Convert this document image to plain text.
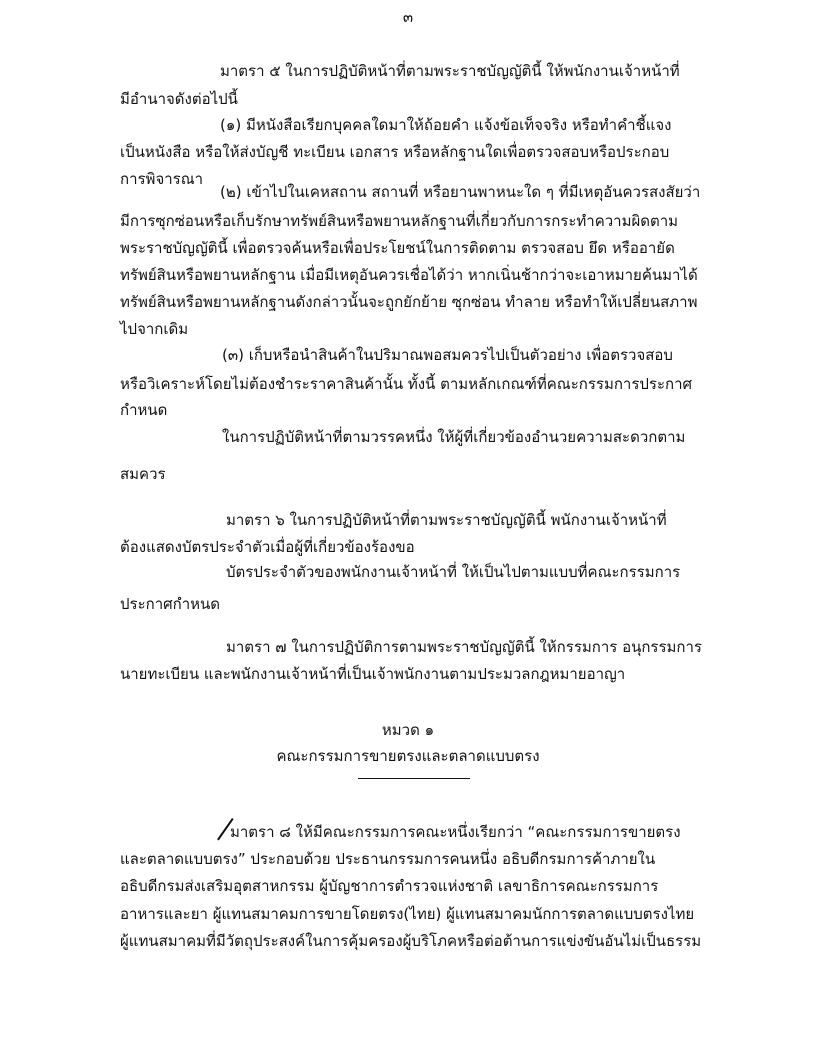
๓
มาตรา ๕ ในการปฏิบัติหน้าที่ตามพระราชบัญญัตินี้ ให้พนักงานเจ้าหน้าที่
มีอำนาจดังต่อไปนี้
(๑) มีหนังสือเรียกบุคคลใดมาให้ถ้อยคำ แจ้งข้อเท็จจริง หรือทำคำชี้แจง
เป็นหนังสือ หรือให้ส่งบัญชี ทะเบียน เอกสาร หรือหลักฐานใดเพื่อตรวจสอบหรือประกอบ
การพิจารณา
(๒) เข้าไปในเคหสถาน สถานที่ หรือยานพาหนะใด ๆ ที่มีเหตุอันควรสงสัยว่า
มีการซุกซ่อนหรือเก็บรักษาทรัพย์สินหรือพยานหลักฐานที่เกี่ยวกับการกระทำความผิดตาม
พระราชบัญญัตินี้ เพื่อตรวจค้นหรือเพื่อประโยชน์ในการติดตาม ตรวจสอบ ยึด หรืออายัด
ทรัพย์สินหรือพยานหลักฐาน เมื่อมีเหตุอันควรเชื่อได้ว่า หากเนิ่นช้ากว่าจะเอาหมายค้นมาได้
ทรัพย์สินหรือพยานหลักฐานดังกล่าวนั้นจะถูกยักย้าย ซุกซ่อน ทำลาย หรือทำให้เปลี่ยนสภาพ
ไปจากเดิม
(๓) เก็บหรือนำสินค้าในปริมาณพอสมควรไปเป็นตัวอย่าง เพื่อตรวจสอบ
หรือวิเคราะห์โดยไม่ต้องชำระราคาสินค้านั้น ทั้งนี้ ตามหลักเกณฑ์ที่คณะกรรมการประกาศ
กำหนด
ในการปฏิบัติหน้าที่ตามวรรคหนึ่ง ให้ผู้ที่เกี่ยวข้องอำนวยความสะดวกตาม
สมควร
มาตรา ๖ ในการปฏิบัติหน้าที่ตามพระราชบัญญัตินี้ พนักงานเจ้าหน้าที่
ต้องแสดงบัตรประจำตัวเมื่อผู้ที่เกี่ยวข้องร้องขอ
บัตรประจำตัวของพนักงานเจ้าหน้าที่ ให้เป็นไปตามแบบที่คณะกรรมการ
ประกาศกำหนด
มาตรา ๗ ในการปฏิบัติการตามพระราชบัญญัตินี้ ให้กรรมการ อนุกรรมการ
นายทะเบียน และพนักงานเจ้าหน้าที่เป็นเจ้าพนักงานตามประมวลกฎหมายอาญา
หมวด ๑
คณะกรรมการขายตรงและตลาดแบบตรง
มาตรา ๘ ให้มีคณะกรรมการคณะหนึ่งเรียกว่า “คณะกรรมการขายตรง
และตลาดแบบตรง” ประกอบด้วย ประธานกรรมการคนหนึ่ง อธิบดีกรมการค้าภายใน
อธิบดีกรมส่งเสริมอุตสาหกรรม ผู้บัญชาการตำรวจแห่งชาติ เลขาธิการคณะกรรมการ
อาหารและยา ผู้แทนสมาคมการขายโดยตรง(ไทย) ผู้แทนสมาคมนักการตลาดแบบตรงไทย
ผู้แทนสมาคมที่มีวัตถุประสงค์ในการคุ้มครองผู้บริโภคหรือต่อต้านการแข่งขันอันไม่เป็นธรรม
